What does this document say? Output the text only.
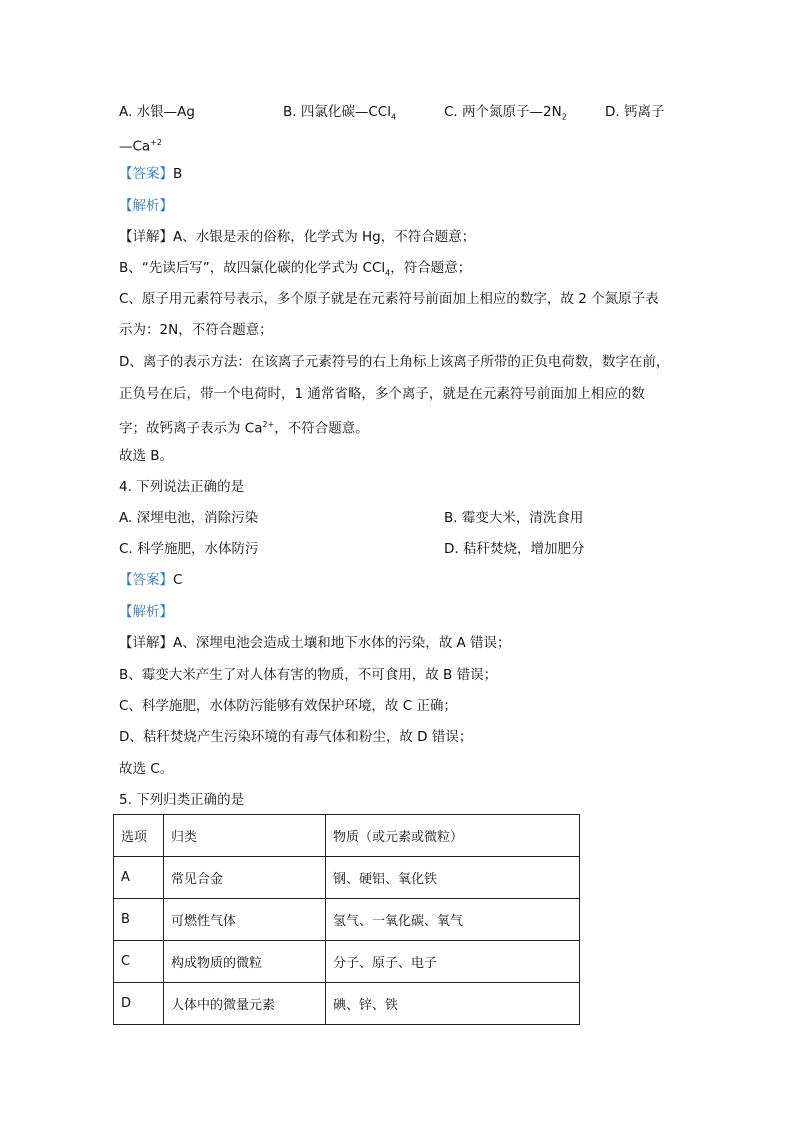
A. 水银—Ag	B. 四氯化碳—CCl$_4$	C. 两个氮原子$—2N_2$	D. 钙离子
$—Ca^{+2}$
【答案】B
【解析】
【详解】A、水银是汞的俗称，化学式为 Hg，不符合题意；
B、“先读后写”，故四氯化碳的化学式为 CCl$_4$，符合题意；
C、原子用元素符号表示，多个原子就是在元素符号前面加上相应的数字，故 2 个氮原子表
示为：2N，不符合题意；
D、离子的表示方法：在该离子元素符号的右上角标上该离子所带的正负电荷数，数字在前，
正负号在后，带一个电荷时，1 通常省略，多个离子，就是在元素符号前面加上相应的数
字；故钙离子表示为 $Ca^{2+}$，不符合题意。
故选 B。
4. 下列说法正确的是
A. 深埋电池，消除污染	B. 霉变大米，清洗食用
C. 科学施肥，水体防污	D. 秸秆焚烧，增加肥分
【答案】C
【解析】
【详解】A、深埋电池会造成土壤和地下水体的污染，故 A 错误；
B、霉变大米产生了对人体有害的物质，不可食用，故 B 错误；
C、科学施肥，水体防污能够有效保护环境，故 C 正确；
D、秸秆焚烧产生污染环境的有毒气体和粉尘，故 D 错误；
故选 C。
5. 下列归类正确的是
选项	归类	物质（或元素或微粒）
A	常见合金	钢、硬铝、氧化铁
B	可燃性气体	氢气、一氧化碳、氧气
C	构成物质的微粒	分子、原子、电子
D	人体中的微量元素	碘、锌、铁
